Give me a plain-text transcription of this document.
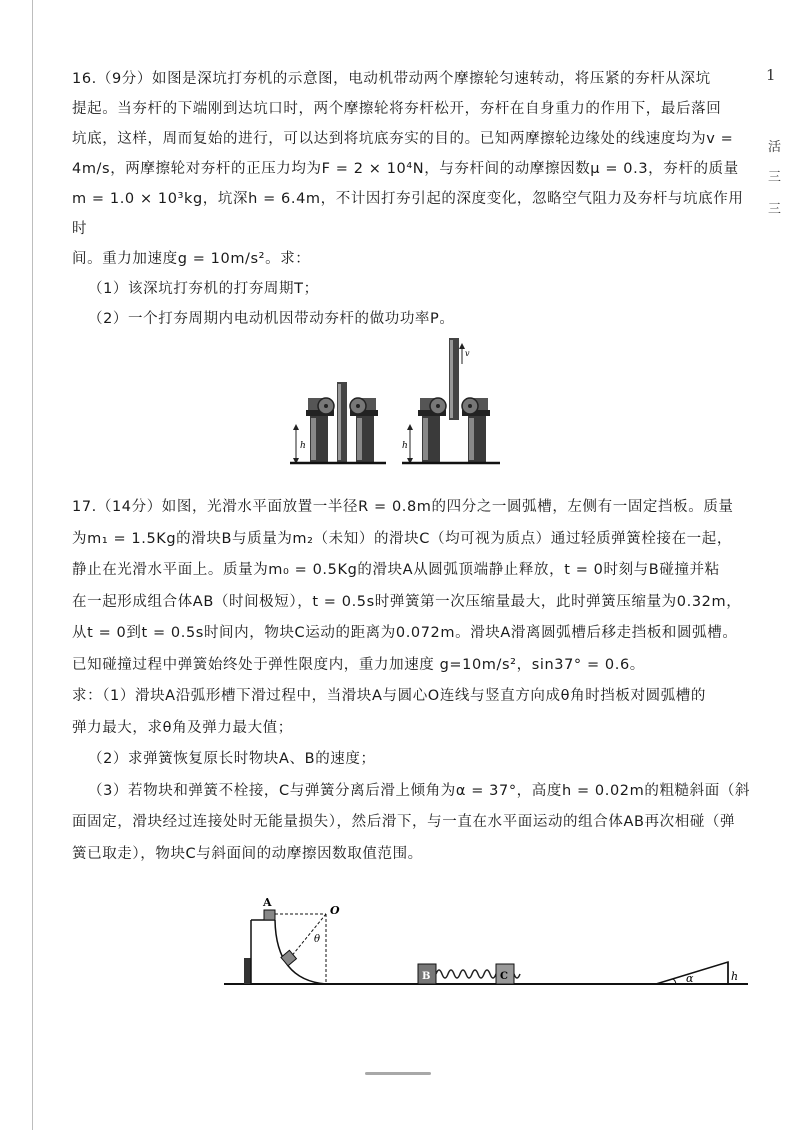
1
活
三
三

16.（9分）如图是深坑打夯机的示意图，电动机带动两个摩擦轮匀速转动，将压紧的夯杆从深坑

提起。当夯杆的下端刚到达坑口时，两个摩擦轮将夯杆松开，夯杆在自身重力的作用下，最后落回

坑底，这样，周而复始的进行，可以达到将坑底夯实的目的。已知两摩擦轮边缘处的线速度均为v =

4m/s，两摩擦轮对夯杆的正压力均为F = 2 × 10⁴N，与夯杆间的动摩擦因数μ = 0.3，夯杆的质量

m = 1.0 × 10³kg，坑深h = 6.4m，不计因打夯引起的深度变化，忽略空气阻力及夯杆与坑底作用时

间。重力加速度g = 10m/s²。求：

（1）该深坑打夯机的打夯周期T；

（2）一个打夯周期内电动机因带动夯杆的做功功率P。

h
v
h

17.（14分）如图，光滑水平面放置一半径R = 0.8m的四分之一圆弧槽，左侧有一固定挡板。质量

为m₁ = 1.5Kg的滑块B与质量为m₂（未知）的滑块C（均可视为质点）通过轻质弹簧栓接在一起，

静止在光滑水平面上。质量为m₀ = 0.5Kg的滑块A从圆弧顶端静止释放，t = 0时刻与B碰撞并粘

在一起形成组合体AB（时间极短），t = 0.5s时弹簧第一次压缩量最大，此时弹簧压缩量为0.32m，

从t = 0到t = 0.5s时间内，物块C运动的距离为0.072m。滑块A滑离圆弧槽后移走挡板和圆弧槽。

已知碰撞过程中弹簧始终处于弹性限度内，重力加速度 g=10m/s²，sin37° = 0.6。

求：（1）滑块A沿弧形槽下滑过程中，当滑块A与圆心O连线与竖直方向成θ角时挡板对圆弧槽的

弹力最大，求θ角及弹力最大值；

（2）求弹簧恢复原长时物块A、B的速度；

（3）若物块和弹簧不栓接，C与弹簧分离后滑上倾角为α = 37°，高度h = 0.02m的粗糙斜面（斜

面固定，滑块经过连接处时无能量损失），然后滑下，与一直在水平面运动的组合体AB再次相碰（弹

簧已取走），物块C与斜面间的动摩擦因数取值范围。

A
O
θ
B	C	α	h
